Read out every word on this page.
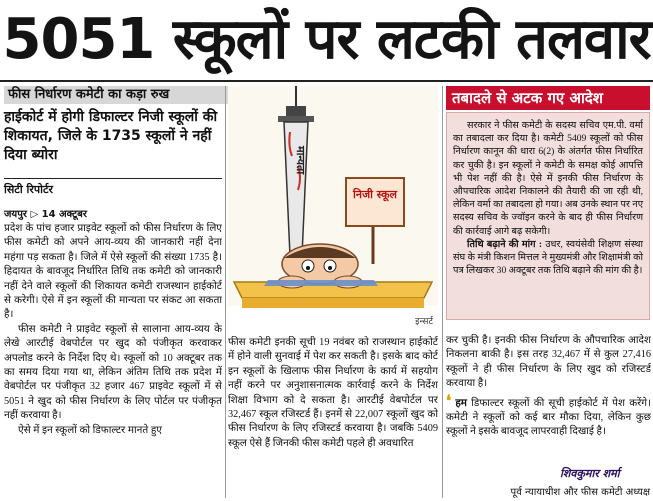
5051 स्कूलों पर लटकी तलवार
फीस निर्धारण कमेटी का कड़ा रुख
हाईकोर्ट में होगी डिफाल्टर निजी स्कूलों की शिकायत, जिले के 1735 स्कूलों ने नहीं दिया ब्योरा
सिटी रिपोर्टर
जयपुर ▷ 14 अक्टूबर

प्रदेश के पांच हजार प्राइवेट स्कूलों को फीस निर्धारण के लिए फीस कमेटी को अपने आय-व्यय की जानकारी नहीं देना महंगा पड़ सकता है। जिले में ऐसे स्कूलों की संख्या 1735 है। हिदायत के बावजूद निर्धारित तिथि तक कमेटी को जानकारी नहीं देने वाले स्कूलों की शिकायत कमेटी राजस्थान हाईकोर्ट से करेगी। ऐसे में इन स्कूलों की मान्यता पर संकट आ सकता है।

फीस कमेटी ने प्राइवेट स्कूलों से सालाना आय-व्यय के लेखे आरटीई वेबपोर्टल पर खुद को पंजीकृत करवाकर अपलोड करने के निर्देश दिए थे। स्कूलों को 10 अक्टूबर तक का समय दिया गया था, लेकिन अंतिम तिथि तक प्रदेश में वेबपोर्टल पर पंजीकृत 32 हजार 467 प्राइवेट स्कूलों में से 5051 ने खुद को फीस निर्धारण के लिए पोर्टल पर पंजीकृत नहीं करवाया है।

ऐसे में इन स्कूलों को डिफाल्टर मानते हुए

मान्यता
निजी स्कूल
इन्सर्ट

फीस कमेटी इनकी सूची 19 नवंबर को राजस्थान हाईकोर्ट में होने वाली सुनवाई में पेश कर सकती है। इसके बाद कोर्ट इन स्कूलों के खिलाफ फीस निर्धारण के कार्य में सहयोग नहीं करने पर अनुशासनात्मक कार्रवाई करने के निर्देश शिक्षा विभाग को दे सकता है। आरटीई वेबपोर्टल पर 32,467 स्कूल रजिस्टर्ड हैं। इनमें से 22,007 स्कूलों खुद को फीस निर्धारण के लिए रजिस्टर्ड करवाया है। जबकि 5409 स्कूल ऐसे हैं जिनकी फीस कमेटी पहले ही अवधारित

तबादले से अटक गए आदेश

सरकार ने फीस कमेटी के सदस्य सचिव एम.पी. वर्मा का तबादला कर दिया है। कमेटी 5409 स्कूलों को फीस निर्धारण कानून की धारा 6(2) के अंतर्गत फीस निर्धारित कर चुकी है। इन स्कूलों ने कमेटी के समक्ष कोई आपत्ति भी पेश नहीं की है। ऐसे में इनकी फीस निर्धारण के औपचारिक आदेश निकालने की तैयारी की जा रही थी, लेकिन वर्मा का तबादला हो गया। अब उनके स्थान पर नए सदस्य सचिव के ज्वॉइन करने के बाद ही फीस निर्धारण की कार्रवाई आगे बढ़ सकेगी।

तिथि बढ़ाने की मांग : उधर, स्वयंसेवी शिक्षण संस्था संघ के मंत्री किशन मित्तल ने मुख्यमंत्री और शिक्षामंत्री को पत्र लिखकर 30 अक्टूबर तक तिथि बढ़ाने की मांग की है।

कर चुकी है। इनकी फीस निर्धारण के औपचारिक आदेश निकलना बाकी है। इस तरह 32,467 में से कुल 27,416 स्कूलों ने ही फीस निर्धारण के लिए खुद को रजिस्टर्ड करवाया है।

❛ हम डिफाल्टर स्कूलों की सूची हाईकोर्ट में पेश करेंगे। कमेटी ने स्कूलों को कई बार मौका दिया, लेकिन कुछ स्कूलों ने इसके बावजूद लापरवाही दिखाई है।

शिवकुमार शर्मा
पूर्व न्यायाधीश और फीस कमेटी अध्यक्ष
